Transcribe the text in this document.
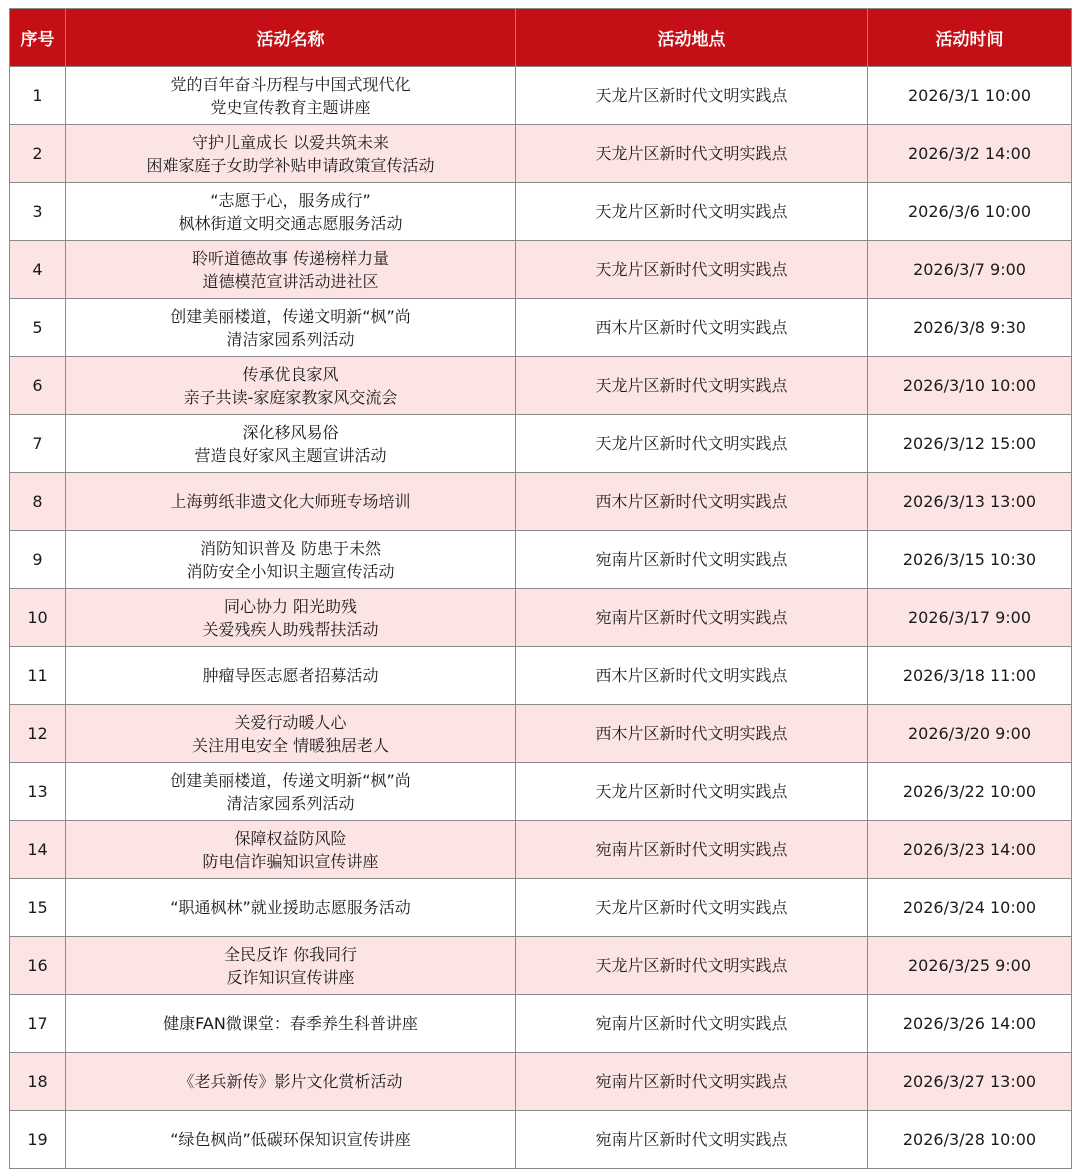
序号	活动名称	活动地点	活动时间
1	党的百年奋斗历程与中国式现代化
党史宣传教育主题讲座	天龙片区新时代文明实践点	2026/3/1 10:00
2	守护儿童成长 以爱共筑未来
困难家庭子女助学补贴申请政策宣传活动	天龙片区新时代文明实践点	2026/3/2 14:00
3	“志愿于心，服务成行”
枫林街道文明交通志愿服务活动	天龙片区新时代文明实践点	2026/3/6 10:00
4	聆听道德故事 传递榜样力量
道德模范宣讲活动进社区	天龙片区新时代文明实践点	2026/3/7 9:00
5	创建美丽楼道，传递文明新“枫”尚
清洁家园系列活动	西木片区新时代文明实践点	2026/3/8 9:30
6	传承优良家风
亲子共读-家庭家教家风交流会	天龙片区新时代文明实践点	2026/3/10 10:00
7	深化移风易俗
营造良好家风主题宣讲活动	天龙片区新时代文明实践点	2026/3/12 15:00
8	上海剪纸非遗文化大师班专场培训	西木片区新时代文明实践点	2026/3/13 13:00
9	消防知识普及 防患于未然
消防安全小知识主题宣传活动	宛南片区新时代文明实践点	2026/3/15 10:30
10	同心协力 阳光助残
关爱残疾人助残帮扶活动	宛南片区新时代文明实践点	2026/3/17 9:00
11	肿瘤导医志愿者招募活动	西木片区新时代文明实践点	2026/3/18 11:00
12	关爱行动暖人心
关注用电安全 情暖独居老人	西木片区新时代文明实践点	2026/3/20 9:00
13	创建美丽楼道，传递文明新“枫”尚
清洁家园系列活动	天龙片区新时代文明实践点	2026/3/22 10:00
14	保障权益防风险
防电信诈骗知识宣传讲座	宛南片区新时代文明实践点	2026/3/23 14:00
15	“职通枫林”就业援助志愿服务活动	天龙片区新时代文明实践点	2026/3/24 10:00
16	全民反诈 你我同行
反诈知识宣传讲座	天龙片区新时代文明实践点	2026/3/25 9:00
17	健康FAN微课堂：春季养生科普讲座	宛南片区新时代文明实践点	2026/3/26 14:00
18	《老兵新传》影片文化赏析活动	宛南片区新时代文明实践点	2026/3/27 13:00
19	“绿色枫尚”低碳环保知识宣传讲座	宛南片区新时代文明实践点	2026/3/28 10:00
